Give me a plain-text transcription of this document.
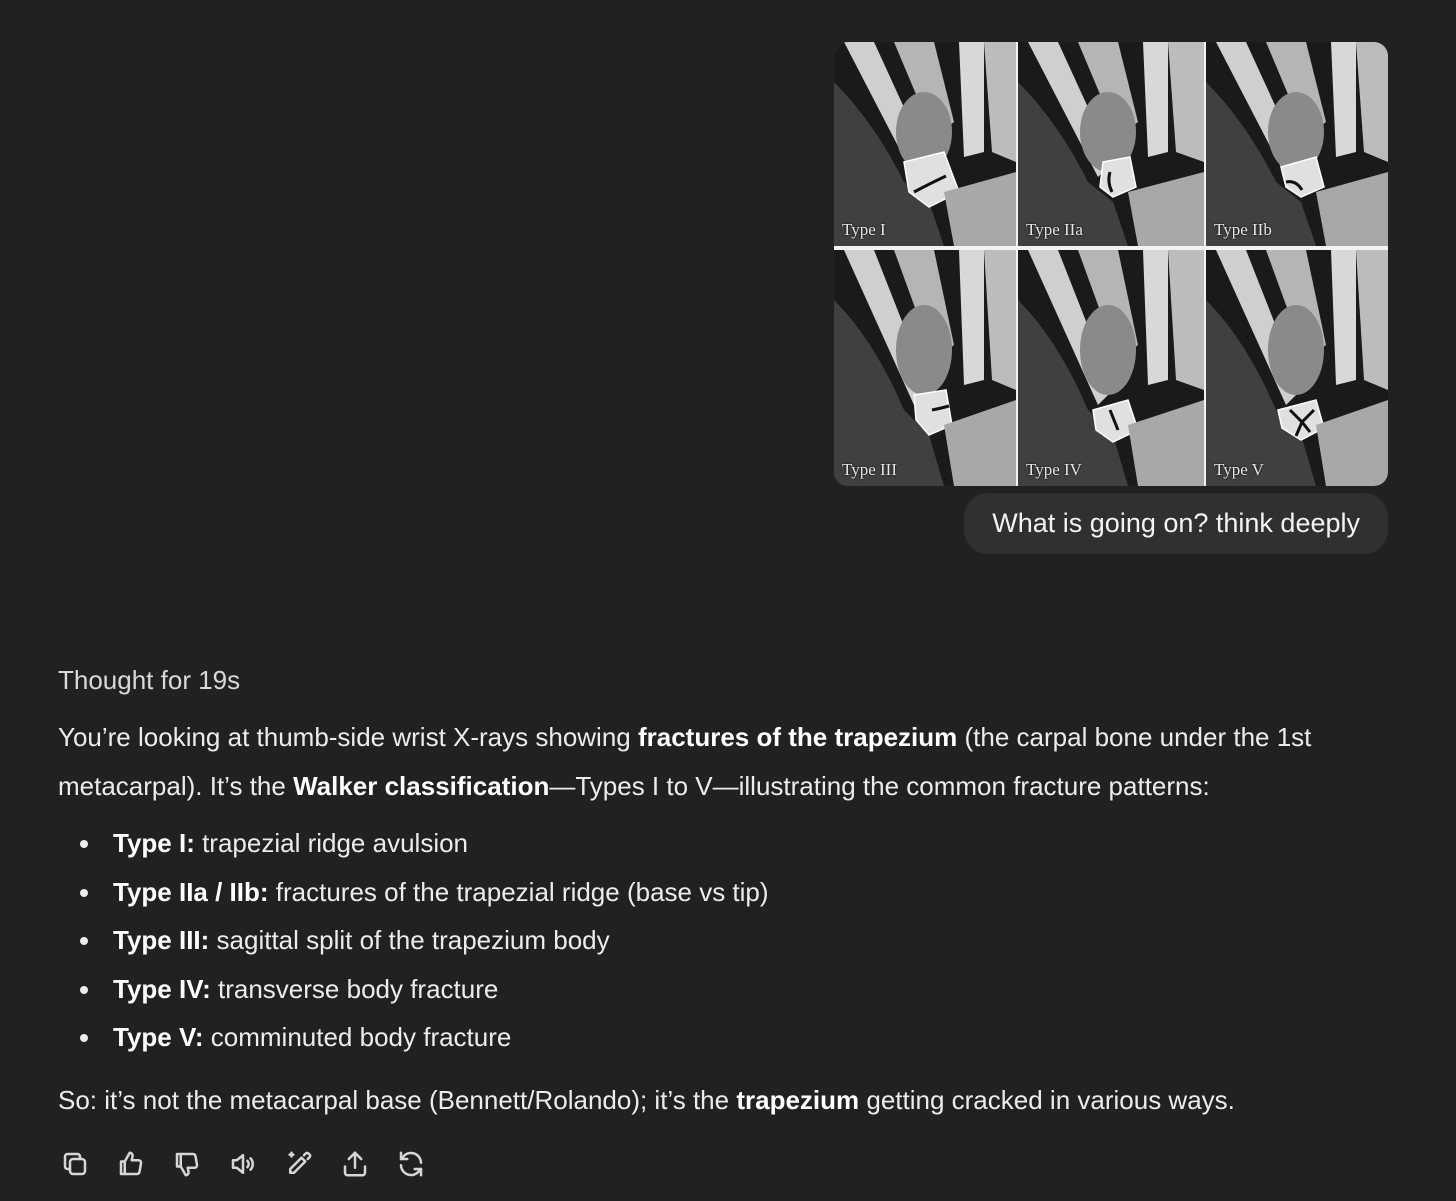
Type I	Type IIa	Type IIb
Type III	Type IV	Type V
What is going on? think deeply

Thought for 19s

You’re looking at thumb-side wrist X-rays showing fractures of the trapezium (the carpal bone under the 1st metacarpal). It’s the Walker classification—Types I to V—illustrating the common fracture patterns:

Type I: trapezial ridge avulsion
Type IIa / IIb: fractures of the trapezial ridge (base vs tip)
Type III: sagittal split of the trapezium body
Type IV: transverse body fracture
Type V: comminuted body fracture

So: it’s not the metacarpal base (Bennett/Rolando); it’s the trapezium getting cracked in various ways.
